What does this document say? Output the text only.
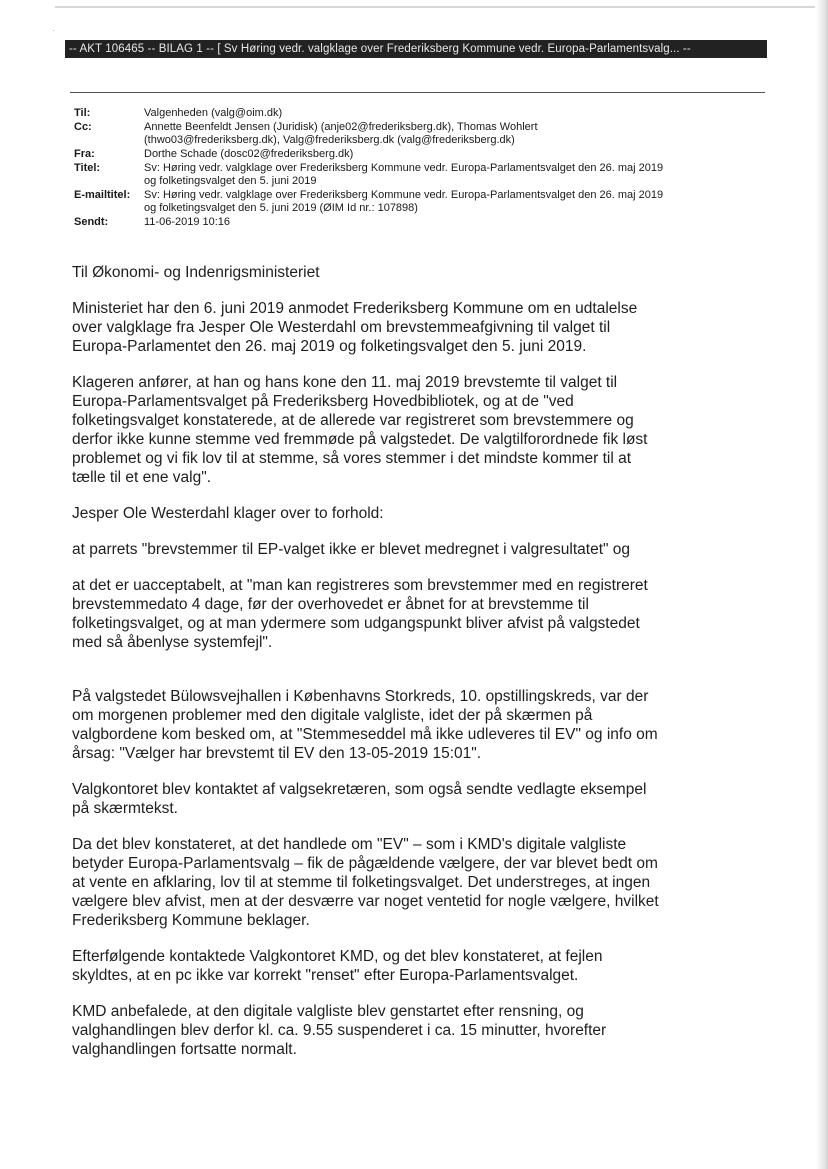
·
-- AKT 106465 -- BILAG 1 -- [ Sv Høring vedr. valgklage over Frederiksberg Kommune vedr. Europa-Parlamentsvalg... --
Til:	Valgenheden (valg@oim.dk)
Cc:	Annette Beenfeldt Jensen (Juridisk) (anje02@frederiksberg.dk), Thomas Wohlert
(thwo03@frederiksberg.dk), Valg@frederiksberg.dk (valg@frederiksberg.dk)
Fra:	Dorthe Schade (dosc02@frederiksberg.dk)
Titel:	Sv: Høring vedr. valgklage over Frederiksberg Kommune vedr. Europa-Parlamentsvalget den 26. maj 2019
og folketingsvalget den 5. juni 2019
E-mailtitel:	Sv: Høring vedr. valgklage over Frederiksberg Kommune vedr. Europa-Parlamentsvalget den 26. maj 2019
og folketingsvalget den 5. juni 2019 (ØIM Id nr.: 107898)
Sendt:	11-06-2019 10:16

Til Økonomi- og Indenrigsministeriet

Ministeriet har den 6. juni 2019 anmodet Frederiksberg Kommune om en udtalelse
over valgklage fra Jesper Ole Westerdahl om brevstemmeafgivning til valget til
Europa-Parlamentet den 26. maj 2019 og folketingsvalget den 5. juni 2019.

Klageren anfører, at han og hans kone den 11. maj 2019 brevstemte til valget til
Europa-Parlamentsvalget på Frederiksberg Hovedbibliotek, og at de "ved
folketingsvalget konstaterede, at de allerede var registreret som brevstemmere og
derfor ikke kunne stemme ved fremmøde på valgstedet. De valgtilforordnede fik løst
problemet og vi fik lov til at stemme, så vores stemmer i det mindste kommer til at
tælle til et ene valg".

Jesper Ole Westerdahl klager over to forhold:

at parrets "brevstemmer til EP-valget ikke er blevet medregnet i valgresultatet" og

at det er uacceptabelt, at "man kan registreres som brevstemmer med en registreret
brevstemmedato 4 dage, før der overhovedet er åbnet for at brevstemme til
folketingsvalget, og at man ydermere som udgangspunkt bliver afvist på valgstedet
med så åbenlyse systemfejl".

På valgstedet Bülowsvejhallen i Københavns Storkreds, 10. opstillingskreds, var der
om morgenen problemer med den digitale valgliste, idet der på skærmen på
valgbordene kom besked om, at "Stemmeseddel må ikke udleveres til EV" og info om
årsag: "Vælger har brevstemt til EV den 13-05-2019 15:01".

Valgkontoret blev kontaktet af valgsekretæren, som også sendte vedlagte eksempel
på skærmtekst.

Da det blev konstateret, at det handlede om "EV" – som i KMD's digitale valgliste
betyder Europa-Parlamentsvalg – fik de pågældende vælgere, der var blevet bedt om
at vente en afklaring, lov til at stemme til folketingsvalget. Det understreges, at ingen
vælgere blev afvist, men at der desværre var noget ventetid for nogle vælgere, hvilket
Frederiksberg Kommune beklager.

Efterfølgende kontaktede Valgkontoret KMD, og det blev konstateret, at fejlen
skyldtes, at en pc ikke var korrekt "renset" efter Europa-Parlamentsvalget.

KMD anbefalede, at den digitale valgliste blev genstartet efter rensning, og
valghandlingen blev derfor kl. ca. 9.55 suspenderet i ca. 15 minutter, hvorefter
valghandlingen fortsatte normalt.
